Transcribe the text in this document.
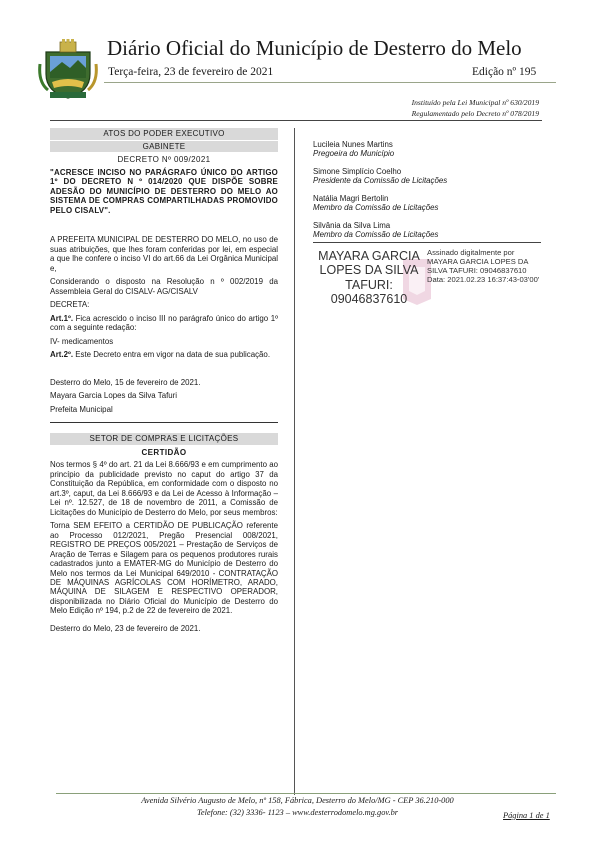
Diário Oficial do Município de Desterro do Melo
Terça-feira, 23 de fevereiro de 2021	Edição nº 195
Instituído pela Lei Municipal nº 630/2019
Regulamentado pelo Decreto nº 078/2019
ATOS DO PODER EXECUTIVO
GABINETE
DECRETO Nº 009/2021

"ACRESCE INCISO NO PARÁGRAFO ÚNICO DO ARTIGO 1º DO DECRETO N º 014/2020 QUE DISPÕE SOBRE ADESÃO DO MUNICÍPIO DE DESTERRO DO MELO AO SISTEMA DE COMPRAS COMPARTILHADAS PROMOVIDO PELO CISALV".

A PREFEITA MUNICIPAL DE DESTERRO DO MELO, no uso de suas atribuições, que lhes foram conferidas por lei, em especial a que lhe confere o inciso VI do art.66 da Lei Orgânica Municipal e,

Considerando o disposto na Resolução n º 002/2019 da Assembleia Geral do CISALV- AG/CISALV

DECRETA:

Art.1º. Fica acrescido o inciso III no parágrafo único do artigo 1º com a seguinte redação:

IV- medicamentos

Art.2º. Este Decreto entra em vigor na data de sua publicação.

Desterro do Melo, 15 de fevereiro de 2021.

Mayara Garcia Lopes da Silva Tafuri

Prefeita Municipal

SETOR DE COMPRAS E LICITAÇÕES
CERTIDÃO

Nos termos § 4º do art. 21 da Lei 8.666/93 e em cumprimento ao princípio da publicidade previsto no caput do artigo 37 da Constituição da República, em conformidade com o disposto no art.3º, caput, da Lei 8.666/93 e da Lei de Acesso à Informação – Lei nº. 12.527, de 18 de novembro de 2011, a Comissão de Licitações do Município de Desterro do Melo, por seus membros:

Torna SEM EFEITO a CERTIDÃO DE PUBLICAÇÃO referente ao Processo 012/2021, Pregão Presencial 008/2021, REGISTRO DE PREÇOS 005/2021 – Prestação de Serviços de Aração de Terras e Silagem para os pequenos produtores rurais cadastrados junto a EMATER-MG do Município de Desterro do Melo nos termos da Lei Municipal 649/2010 - CONTRATAÇÃO DE MÁQUINAS AGRÍCOLAS COM HORÍMETRO, ARADO, MÁQUINA DE SILAGEM E RESPECTIVO OPERADOR, disponibilizada no Diário Oficial do Município de Desterro do Melo Edição nº 194, p.2 de 22 de fevereiro de 2021.

Desterro do Melo, 23 de fevereiro de 2021.

Lucileia Nunes Martins

Pregoeira do Município

Simone Simplício Coelho

Presidente da Comissão de Licitações

Natália Magri Bertolin

Membro da Comissão de Licitações

Silvânia da Silva Lima

Membro da Comissão de Licitações

MAYARA GARCIA LOPES DA SILVA TAFURI: 09046837610
Assinado digitalmente por MAYARA GARCIA LOPES DA SILVA TAFURI: 09046837610 Data: 2021.02.23 16:37:43-03'00'
Avenida Silvério Augusto de Melo, nº 158, Fábrica, Desterro do Melo/MG - CEP 36.210-000
Telefone: (32) 3336- 1123 – www.desterrodomelo.mg.gov.br	Página 1 de 1
